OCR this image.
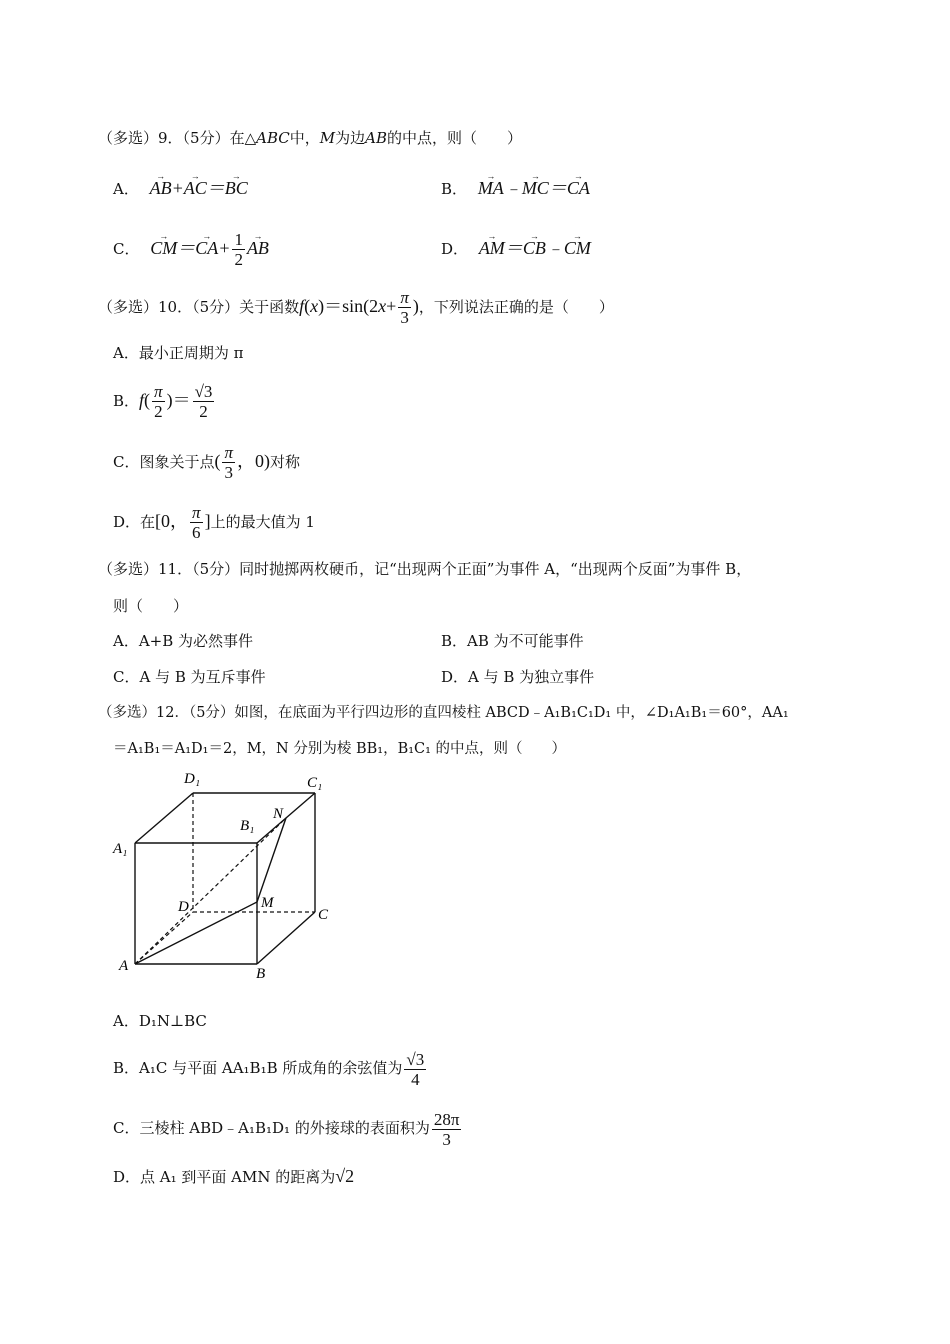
（多选）9．（5分）在△ABC中，M为边AB的中点，则（　　）
A． → AB+→ AC＝→ BC	B． → MA﹣→ MC＝→ CA
C． → $CM=\to CA+ \frac{1}{2}$ → AB	D． → AM＝→ CB﹣→ CM
（多选）10．（5分）关于函数$f(x)=\sin(2x+ \frac{\pi}{3}$ )，下列说法正确的是（　　）
A．最小正周期为 π
B．$f( \frac{\pi}{2}$ )＝ $\frac{√3}{2}$
C．图象关于点( $\frac{\pi}{3}$ ，0)对称
D．在[0， $\frac{\pi}{6}$ ]上的最大值为 1
（多选）11．（5分）同时抛掷两枚硬币，记“出现两个正面”为事件 A，“出现两个反面”为事件 B，
则（　　）
A．A+B 为必然事件	B．AB 为不可能事件
C．A 与 B 为互斥事件	D．A 与 B 为独立事件
（多选）12．（5分）如图，在底面为平行四边形的直四棱柱 ABCD﹣A₁B₁C₁D₁ 中，∠D₁A₁B₁＝60°，AA₁
＝A₁B₁＝A₁D₁＝2，M，N 分别为棱 BB₁，B₁C₁ 的中点，则（　　）
D₁	C₁
N
B₁
A₁
D	M
C
A	B
A．D₁N⊥BC
B．A₁C 与平面 AA₁B₁B 所成角的余弦值为 $\frac{√3}{4}$
C．三棱柱 ABD﹣A₁B₁D₁ 的外接球的表面积为 $\frac{28\pi}{3}$
D．点 A₁ 到平面 AMN 的距离为√2
